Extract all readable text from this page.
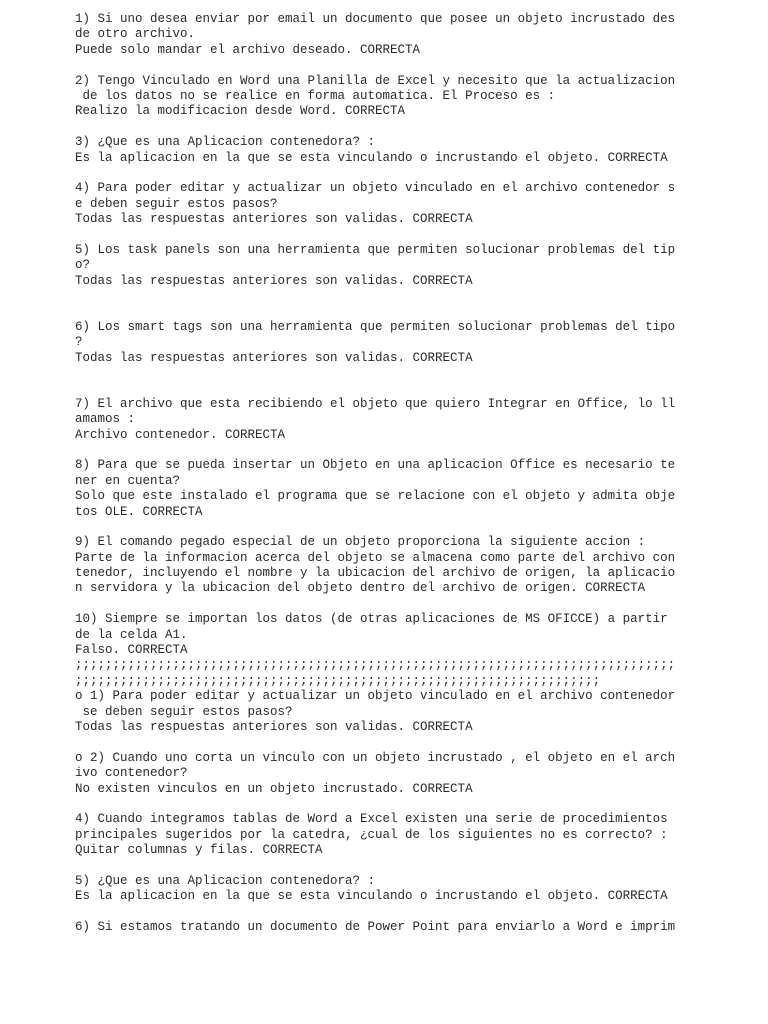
1) Si uno desea enviar por email un documento que posee un objeto incrustado des
de otro archivo.
Puede solo mandar el archivo deseado. CORRECTA
2) Tengo Vinculado en Word una Planilla de Excel y necesito que la actualizacion
de los datos no se realice en forma automatica. El Proceso es :
Realizo la modificacion desde Word. CORRECTA
3) ¿Que es una Aplicacion contenedora? :
Es la aplicacion en la que se esta vinculando o incrustando el objeto. CORRECTA
4) Para poder editar y actualizar un objeto vinculado en el archivo contenedor s
e deben seguir estos pasos?
Todas las respuestas anteriores son validas. CORRECTA
5) Los task panels son una herramienta que permiten solucionar problemas del tip
o?
Todas las respuestas anteriores son validas. CORRECTA
6) Los smart tags son una herramienta que permiten solucionar problemas del tipo
?
Todas las respuestas anteriores son validas. CORRECTA
7) El archivo que esta recibiendo el objeto que quiero Integrar en Office, lo ll
amamos :
Archivo contenedor. CORRECTA
8) Para que se pueda insertar un Objeto en una aplicacion Office es necesario te
ner en cuenta?
Solo que este instalado el programa que se relacione con el objeto y admita obje
tos OLE. CORRECTA
9) El comando pegado especial de un objeto proporciona la siguiente accion :
Parte de la informacion acerca del objeto se almacena como parte del archivo con
tenedor, incluyendo el nombre y la ubicacion del archivo de origen, la aplicacio
n servidora y la ubicacion del objeto dentro del archivo de origen. CORRECTA
10) Siempre se importan los datos (de otras aplicaciones de MS OFICCE) a partir
de la celda A1.
Falso. CORRECTA
;;;;;;;;;;;;;;;;;;;;;;;;;;;;;;;;;;;;;;;;;;;;;;;;;;;;;;;;;;;;;;;;;;;;;;;;;;;;;;;;
;;;;;;;;;;;;;;;;;;;;;;;;;;;;;;;;;;;;;;;;;;;;;;;;;;;;;;;;;;;;;;;;;;;;;;
o 1) Para poder editar y actualizar un objeto vinculado en el archivo contenedor
se deben seguir estos pasos?
Todas las respuestas anteriores son validas. CORRECTA
o 2) Cuando uno corta un vinculo con un objeto incrustado , el objeto en el arch
ivo contenedor?
No existen vinculos en un objeto incrustado. CORRECTA
4) Cuando integramos tablas de Word a Excel existen una serie de procedimientos
principales sugeridos por la catedra, ¿cual de los siguientes no es correcto? :
Quitar columnas y filas. CORRECTA
5) ¿Que es una Aplicacion contenedora? :
Es la aplicacion en la que se esta vinculando o incrustando el objeto. CORRECTA
6) Si estamos tratando un documento de Power Point para enviarlo a Word e imprim
